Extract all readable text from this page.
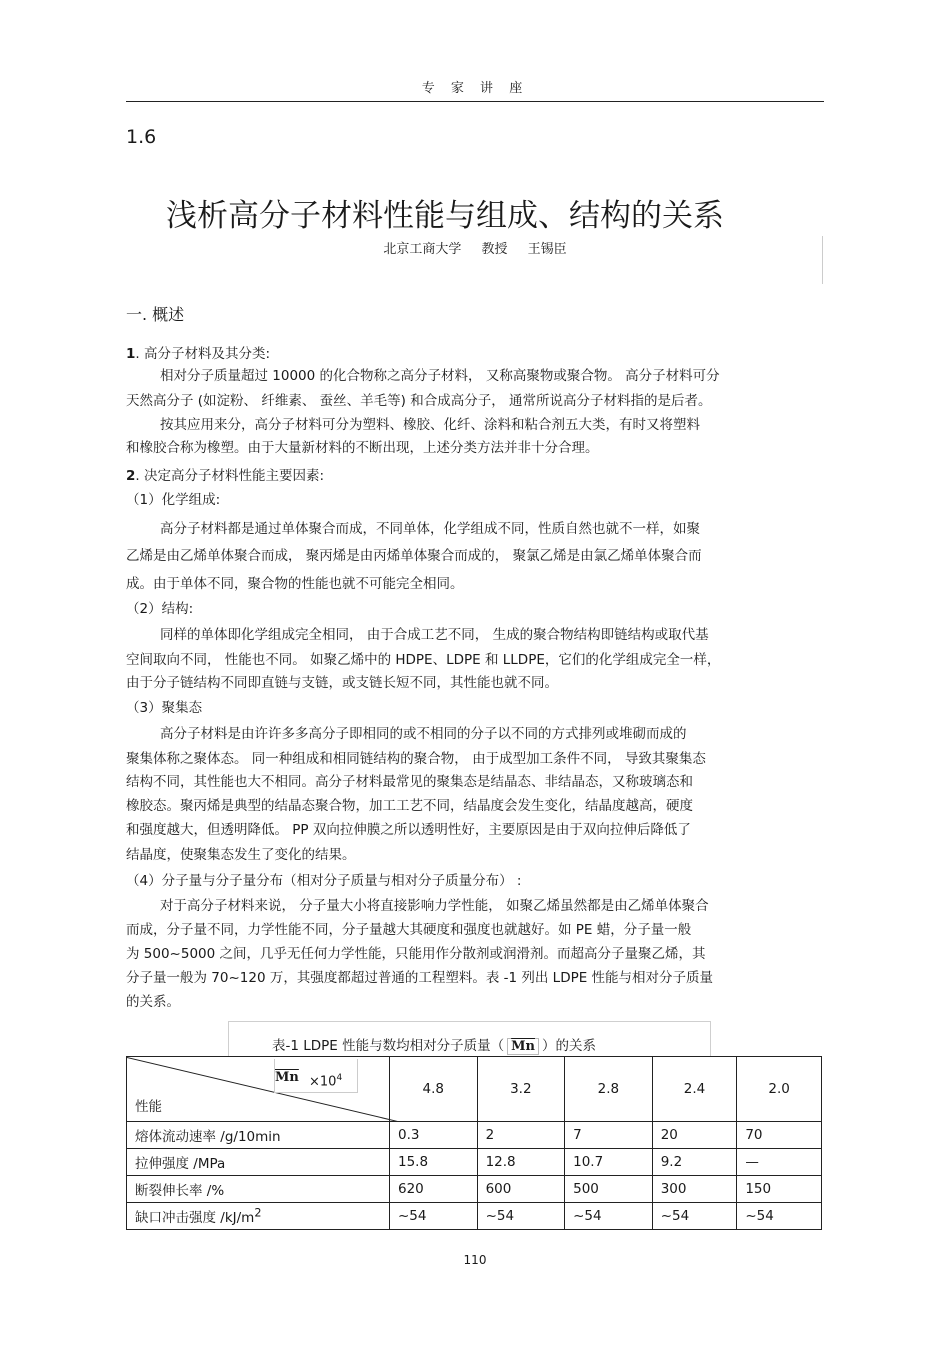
专 家 讲 座
1.6
浅析高分子材料性能与组成、结构的关系
北京工商大学 教授 王锡臣
一. 概述
1. 高分子材料及其分类:
相对分子质量超过 10000 的化合物称之高分子材料， 又称高聚物或聚合物。 高分子材料可分
天然高分子 (如淀粉、 纤维素、 蚕丝、羊毛等) 和合成高分子， 通常所说高分子材料指的是后者。
按其应用来分，高分子材料可分为塑料、橡胶、化纤、涂料和粘合剂五大类，有时又将塑料
和橡胶合称为橡塑。由于大量新材料的不断出现，上述分类方法并非十分合理。
2. 决定高分子材料性能主要因素:
（1）化学组成:
高分子材料都是通过单体聚合而成，不同单体，化学组成不同，性质自然也就不一样，如聚
乙烯是由乙烯单体聚合而成， 聚丙烯是由丙烯单体聚合而成的， 聚氯乙烯是由氯乙烯单体聚合而
成。由于单体不同，聚合物的性能也就不可能完全相同。
（2）结构:
同样的单体即化学组成完全相同， 由于合成工艺不同， 生成的聚合物结构即链结构或取代基
空间取向不同， 性能也不同。 如聚乙烯中的 HDPE、LDPE 和 LLDPE，它们的化学组成完全一样，
由于分子链结构不同即直链与支链，或支链长短不同，其性能也就不同。
（3）聚集态
高分子材料是由许许多多高分子即相同的或不相同的分子以不同的方式排列或堆砌而成的
聚集体称之聚体态。 同一种组成和相同链结构的聚合物， 由于成型加工条件不同， 导致其聚集态
结构不同，其性能也大不相同。高分子材料最常见的聚集态是结晶态、非结晶态，又称玻璃态和
橡胶态。聚丙烯是典型的结晶态聚合物，加工工艺不同，结晶度会发生变化，结晶度越高，硬度
和强度越大，但透明降低。 PP 双向拉伸膜之所以透明性好，主要原因是由于双向拉伸后降低了
结晶度，使聚集态发生了变化的结果。
（4）分子量与分子量分布（相对分子质量与相对分子质量分布） :
对于高分子材料来说， 分子量大小将直接影响力学性能， 如聚乙烯虽然都是由乙烯单体聚合
而成，分子量不同，力学性能不同，分子量越大其硬度和强度也就越好。如 PE 蜡，分子量一般
为 500~5000 之间，几乎无任何力学性能，只能用作分散剂或润滑剂。而超高分子量聚乙烯，其
分子量一般为 70~120 万，其强度都超过普通的工程塑料。表 -1 列出 LDPE 性能与相对分子质量
的关系。
表-1 LDPE 性能与数均相对分子质量（ $\overline{Mn}$ ）的关系
$\overline{Mn} \times 10^4$
性能	4.8	3.2	2.8	2.4	2.0
熔体流动速率 /g/10min	0.3	2	7	20	70
拉伸强度 /MPa	15.8	12.8	10.7	9.2	—
断裂伸长率 /%	620	600	500	300	150
缺口冲击强度 $/kJ/m^2$	~54	~54	~54	~54	~54
110
